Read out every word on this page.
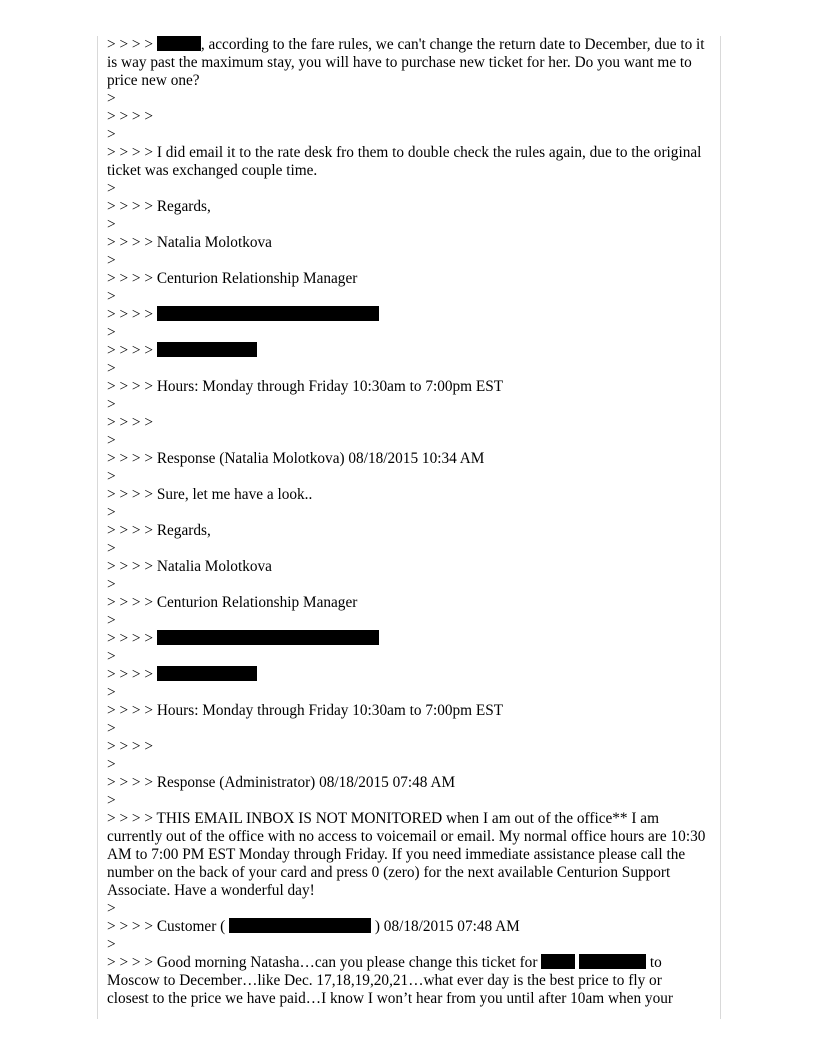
> > > >	, according to the fare rules, we can't change the return date to December, due to it is way past the maximum stay, you will have to purchase new ticket for her. Do you want me to price new one?
>
> > > >
>
> > > > I did email it to the rate desk fro them to double check the rules again, due to the original ticket was exchanged couple time.
>
> > > > Regards,
>
> > > > Natalia Molotkova
>
> > > > Centurion Relationship Manager
>
> > > >
>
> > > >
>
> > > > Hours: Monday through Friday 10:30am to 7:00pm EST
>
> > > >
>
> > > > Response (Natalia Molotkova) 08/18/2015 10:34 AM
>
> > > > Sure, let me have a look..
>
> > > > Regards,
>
> > > > Natalia Molotkova
>
> > > > Centurion Relationship Manager
>
> > > >
>
> > > >
>
> > > > Hours: Monday through Friday 10:30am to 7:00pm EST
>
> > > >
>
> > > > Response (Administrator) 08/18/2015 07:48 AM
>
> > > > THIS EMAIL INBOX IS NOT MONITORED when I am out of the office** I am currently out of the office with no access to voicemail or email. My normal office hours are 10:30 AM to 7:00 PM EST Monday through Friday. If you need immediate assistance please call the number on the back of your card and press 0 (zero) for the next available Centurion Support Associate. Have a wonderful day!
>
> > > > Customer (	) 08/18/2015 07:48 AM
>
> > > > Good morning Natasha…can you please change this ticket for	to Moscow to December…like Dec. 17,18,19,20,21…what ever day is the best price to fly or closest to the price we have paid…I know I won’t hear from you until after 10am when your
